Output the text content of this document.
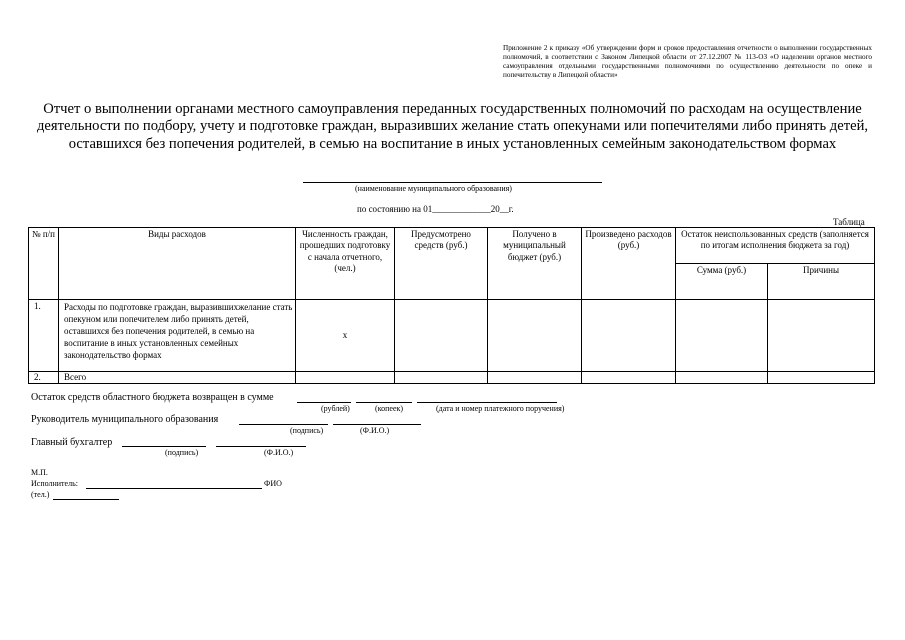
Приложение 2 к приказу «Об утверждении форм и сроков предоставления отчетности о выполнении государственных полномочий, в соответствии с Законом Липецкой области от 27.12.2007 № 113-ОЗ «О наделении органов местного самоуправления отдельными государственными полномочиями по осуществлению деятельности по опеке и попечительству в Липецкой области»
Отчет о выполнении органами местного самоуправления переданных государственных полномочий по расходам на осуществление деятельности по подбору, учету и подготовке граждан, выразивших желание стать опекунами или попечителями либо принять детей, оставшихся без попечения родителей, в семью на воспитание в иных установленных семейным законодательством формах
(наименование муниципального образования)
по состоянию на 01_____________20__г.
Таблица
№ п/п	Виды расходов	Численность граждан, прошедших подготовку с начала отчетного, (чел.)	Предусмотрено средств (руб.)	Получено в муниципальный бюджет (руб.)	Произведено расходов (руб.)	Остаток неиспользованных средств (заполняется по итогам исполнения бюджета за год)	
						Сумма (руб.)	Причины
1.	Расходы по подготовке граждан, выразившихжелание стать опекуном или попечителем либо принять детей, оставшихся без попечения родителей, в семью на воспитание в иных установленных семейных законодательство формах	х					
2.	Всего						
Остаток средств областного бюджета возвращен в сумме
(рублей)	(копеек)	(дата и номер платежного поручения)
Руководитель муниципального образования
(подпись)	(Ф.И.О.)
Главный бухгалтер
(подпись)	(Ф.И.О.)
М.П.
Исполнитель:	ФИО
(тел.)
